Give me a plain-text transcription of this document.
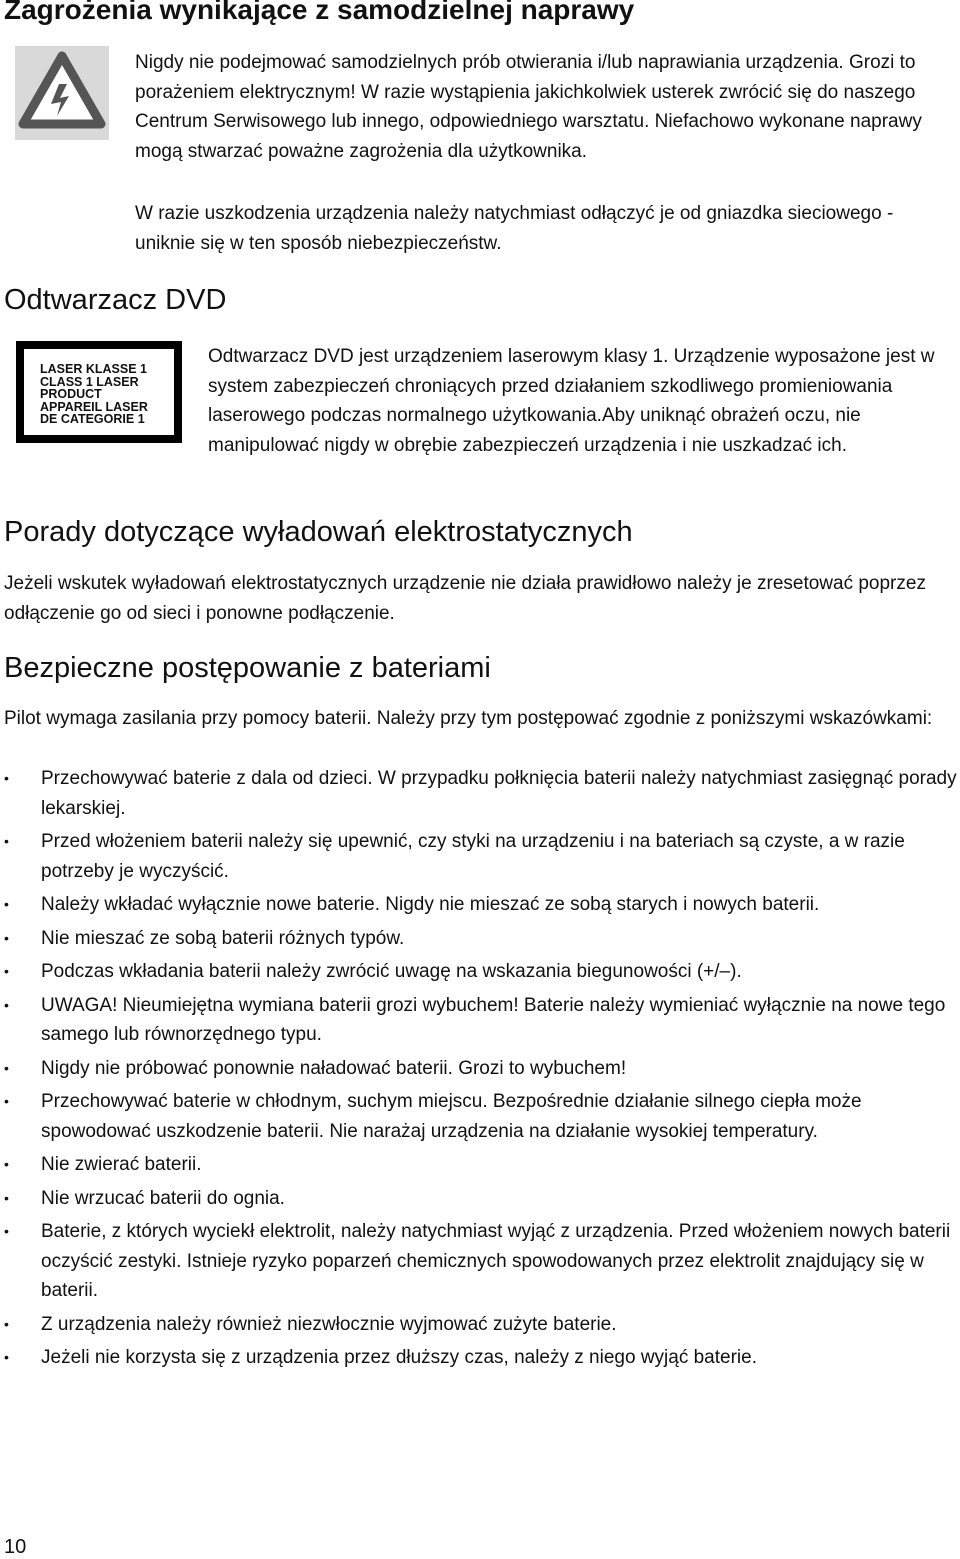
Zagrożenia wynikające z samodzielnej naprawy
Nigdy nie podejmować samodzielnych prób otwierania i/lub naprawiania urządzenia. Grozi to porażeniem elektrycznym! W razie wystąpienia jakichkolwiek usterek zwrócić się do naszego Centrum Serwisowego lub innego, odpowiedniego warsztatu. Niefachowo wykonane naprawy mogą stwarzać poważne zagrożenia dla użytkownika.
W razie uszkodzenia urządzenia należy natychmiast odłączyć je od gniazdka sieciowego - uniknie się w ten sposób niebezpieczeństw.
Odtwarzacz DVD
LASER KLASSE 1
CLASS 1 LASER
PRODUCT
APPAREIL LASER
DE CATEGORIE 1
Odtwarzacz DVD jest urządzeniem laserowym klasy 1. Urządzenie wyposażone jest w system zabezpieczeń chroniących przed działaniem szkodliwego promieniowania laserowego podczas normalnego użytkowania.Aby uniknąć obrażeń oczu, nie manipulować nigdy w obrębie zabezpieczeń urządzenia i nie uszkadzać ich.
Porady dotyczące wyładowań elektrostatycznych
Jeżeli wskutek wyładowań elektrostatycznych urządzenie nie działa prawidłowo należy je zresetować poprzez odłączenie go od sieci i ponowne podłączenie.
Bezpieczne postępowanie z bateriami
Pilot wymaga zasilania przy pomocy baterii. Należy przy tym postępować zgodnie z poniższymi wskazówkami:
• Przechowywać baterie z dala od dzieci. W przypadku połknięcia baterii należy natychmiast zasięgnąć porady lekarskiej.
• Przed włożeniem baterii należy się upewnić, czy styki na urządzeniu i na bateriach są czyste, a w razie potrzeby je wyczyścić.
• Należy wkładać wyłącznie nowe baterie. Nigdy nie mieszać ze sobą starych i nowych baterii.
• Nie mieszać ze sobą baterii różnych typów.
• Podczas wkładania baterii należy zwrócić uwagę na wskazania biegunowości (+/–).
• UWAGA! Nieumiejętna wymiana baterii grozi wybuchem! Baterie należy wymieniać wyłącznie na nowe tego samego lub równorzędnego typu.
• Nigdy nie próbować ponownie naładować baterii. Grozi to wybuchem!
• Przechowywać baterie w chłodnym, suchym miejscu. Bezpośrednie działanie silnego ciepła może spowodować uszkodzenie baterii. Nie narażaj urządzenia na działanie wysokiej temperatury.
• Nie zwierać baterii.
• Nie wrzucać baterii do ognia.
• Baterie, z których wyciekł elektrolit, należy natychmiast wyjąć z urządzenia. Przed włożeniem nowych baterii oczyścić zestyki. Istnieje ryzyko poparzeń chemicznych spowodowanych przez elektrolit znajdujący się w baterii.
• Z urządzenia należy również niezwłocznie wyjmować zużyte baterie.
• Jeżeli nie korzysta się z urządzenia przez dłuższy czas, należy z niego wyjąć baterie.
10
